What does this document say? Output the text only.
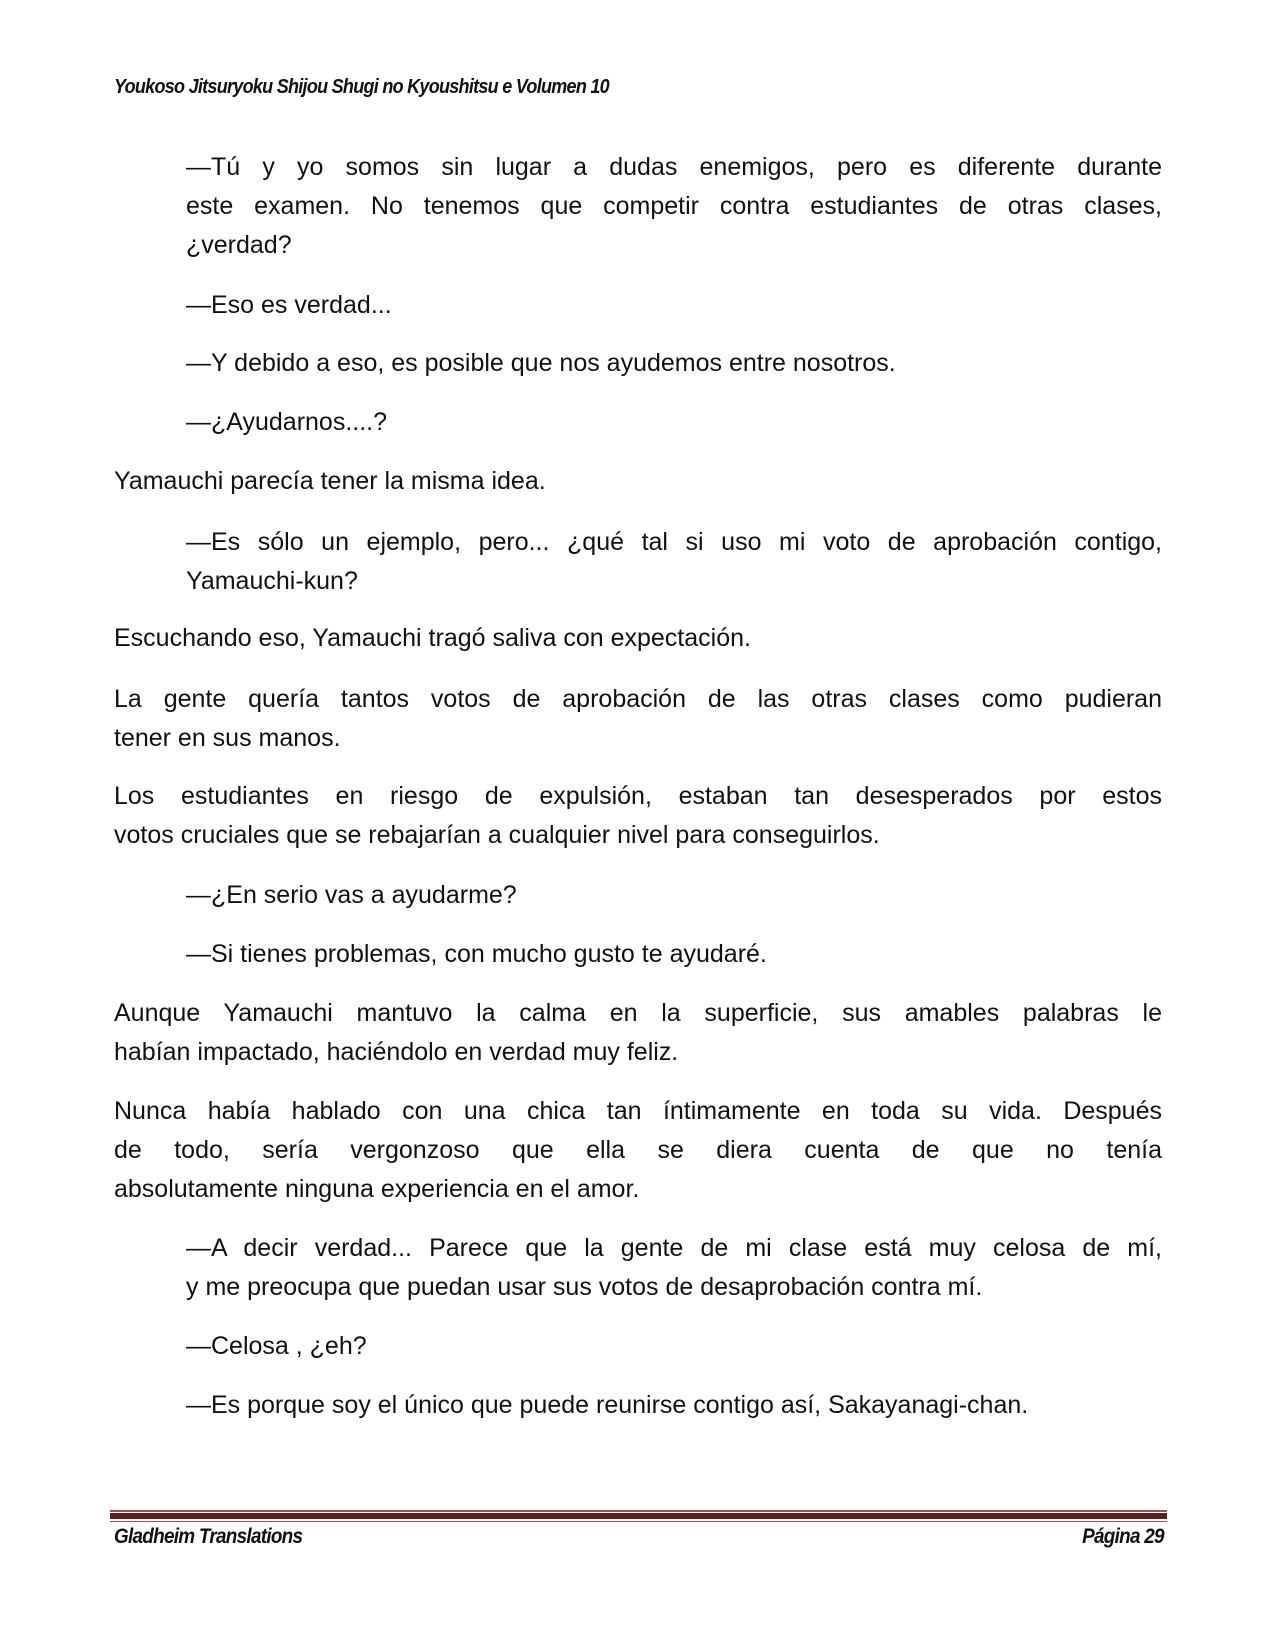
Youkoso Jitsuryoku Shijou Shugi no Kyoushitsu e Volumen 10
—Tú y yo somos sin lugar a dudas enemigos, pero es diferente durante
este examen. No tenemos que competir contra estudiantes de otras clases,
¿verdad?
—Eso es verdad...
—Y debido a eso, es posible que nos ayudemos entre nosotros.
—¿Ayudarnos....?
Yamauchi parecía tener la misma idea.
—Es sólo un ejemplo, pero... ¿qué tal si uso mi voto de aprobación contigo,
Yamauchi-kun?
Escuchando eso, Yamauchi tragó saliva con expectación.
La gente quería tantos votos de aprobación de las otras clases como pudieran
tener en sus manos.
Los estudiantes en riesgo de expulsión, estaban tan desesperados por estos
votos cruciales que se rebajarían a cualquier nivel para conseguirlos.
—¿En serio vas a ayudarme?
—Si tienes problemas, con mucho gusto te ayudaré.
Aunque Yamauchi mantuvo la calma en la superficie, sus amables palabras le
habían impactado, haciéndolo en verdad muy feliz.
Nunca había hablado con una chica tan íntimamente en toda su vida. Después
de todo, sería vergonzoso que ella se diera cuenta de que no tenía
absolutamente ninguna experiencia en el amor.
—A decir verdad... Parece que la gente de mi clase está muy celosa de mí,
y me preocupa que puedan usar sus votos de desaprobación contra mí.
—Celosa , ¿eh?
—Es porque soy el único que puede reunirse contigo así, Sakayanagi-chan.
Gladheim Translations	Página 29
